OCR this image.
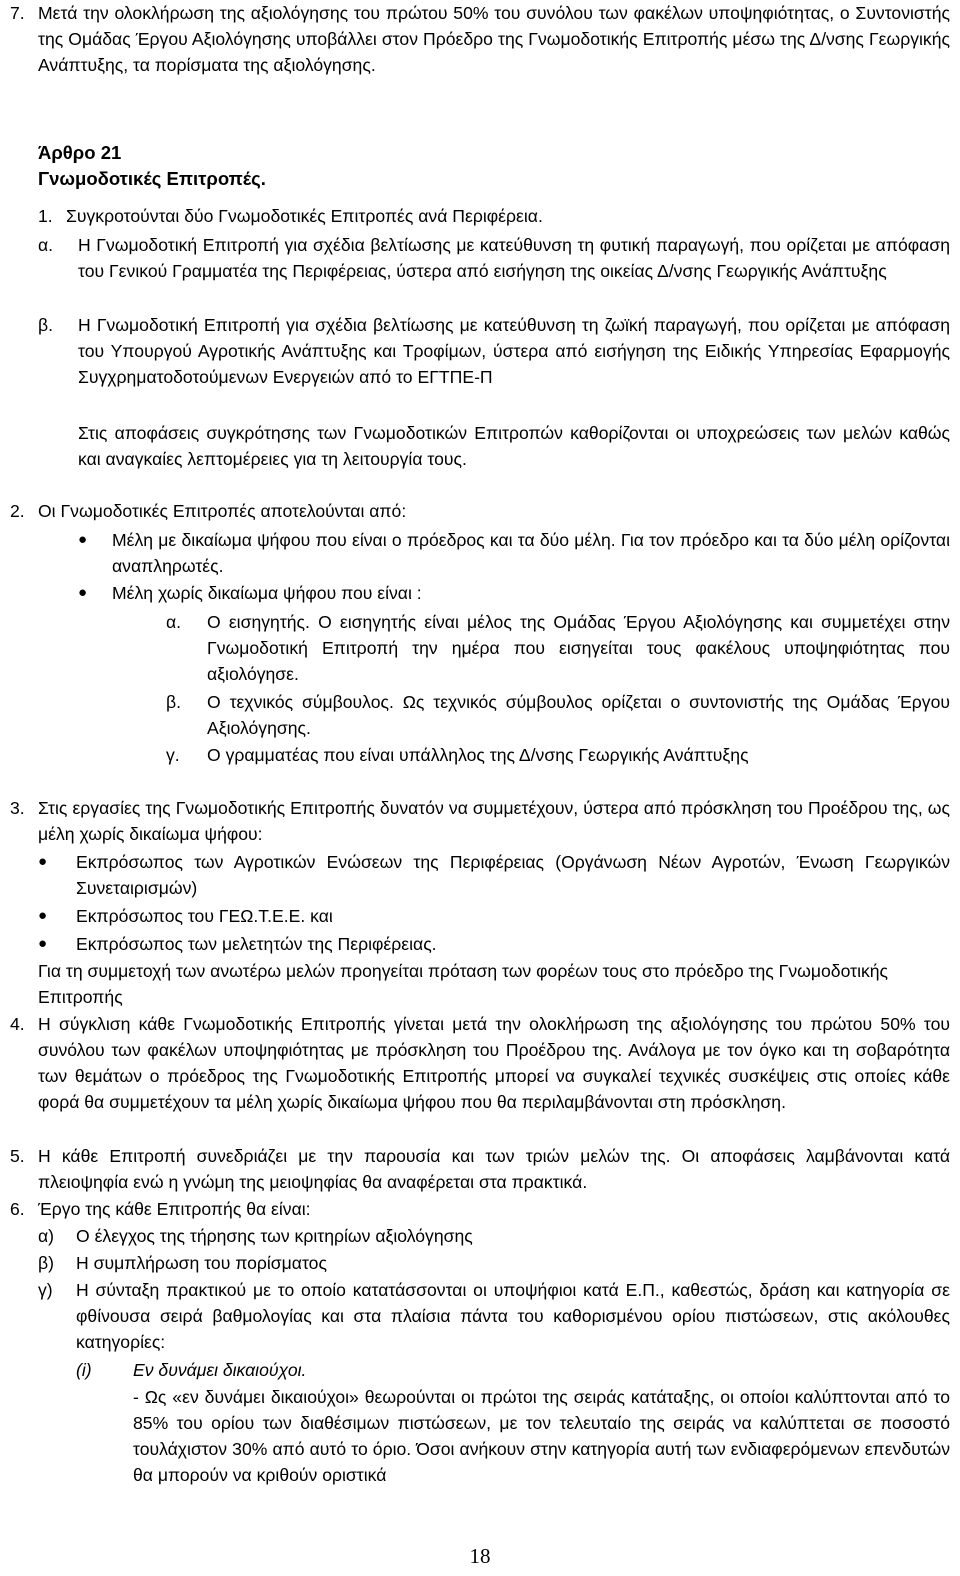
7. Μετά την ολοκλήρωση της αξιολόγησης του πρώτου 50% του συνόλου των φακέλων υποψηφιότητας, ο Συντονιστής της Ομάδας Έργου Αξιολόγησης υποβάλλει στον Πρόεδρο της Γνωμοδοτικής Επιτροπής μέσω της Δ/νσης Γεωργικής Ανάπτυξης, τα πορίσματα της αξιολόγησης.
Άρθρο 21
Γνωμοδοτικές Επιτροπές.
1. Συγκροτούνται δύο Γνωμοδοτικές Επιτροπές ανά Περιφέρεια.
α. Η Γνωμοδοτική Επιτροπή για σχέδια βελτίωσης με κατεύθυνση τη φυτική παραγωγή, που ορίζεται με απόφαση του Γενικού Γραμματέα της Περιφέρειας, ύστερα από εισήγηση της οικείας Δ/νσης Γεωργικής Ανάπτυξης
β. Η Γνωμοδοτική Επιτροπή για σχέδια βελτίωσης με κατεύθυνση τη ζωϊκή παραγωγή, που ορίζεται με απόφαση του Υπουργού Αγροτικής Ανάπτυξης και Τροφίμων, ύστερα από εισήγηση της Ειδικής Υπηρεσίας Εφαρμογής Συγχρηματοδοτούμενων Ενεργειών από το ΕΓΤΠΕ-Π
Στις αποφάσεις συγκρότησης των Γνωμοδοτικών Επιτροπών καθορίζονται οι υποχρεώσεις των μελών καθώς και αναγκαίες λεπτομέρειες για τη λειτουργία τους.
2. Οι Γνωμοδοτικές Επιτροπές αποτελούνται από:
● Μέλη με δικαίωμα ψήφου που είναι ο πρόεδρος και τα δύο μέλη. Για τον πρόεδρο και τα δύο μέλη ορίζονται αναπληρωτές.
● Μέλη χωρίς δικαίωμα ψήφου που είναι :
α. Ο εισηγητής. Ο εισηγητής είναι μέλος της Ομάδας Έργου Αξιολόγησης και συμμετέχει στην Γνωμοδοτική Επιτροπή την ημέρα που εισηγείται τους φακέλους υποψηφιότητας που αξιολόγησε.
β. Ο τεχνικός σύμβουλος. Ως τεχνικός σύμβουλος ορίζεται ο συντονιστής της Ομάδας Έργου Αξιολόγησης.
γ. Ο γραμματέας που είναι υπάλληλος της Δ/νσης Γεωργικής Ανάπτυξης
3. Στις εργασίες της Γνωμοδοτικής Επιτροπής δυνατόν να συμμετέχουν, ύστερα από πρόσκληση του Προέδρου της, ως μέλη χωρίς δικαίωμα ψήφου:
● Εκπρόσωπος των Αγροτικών Ενώσεων της Περιφέρειας (Οργάνωση Νέων Αγροτών, Ένωση Γεωργικών Συνεταιρισμών)
● Εκπρόσωπος του ΓΕΩ.Τ.Ε.Ε. και
● Εκπρόσωπος των μελετητών της Περιφέρειας.
Για τη συμμετοχή των ανωτέρω μελών προηγείται πρόταση των φορέων τους στο πρόεδρο της Γνωμοδοτικής Επιτροπής
4. Η σύγκλιση κάθε Γνωμοδοτικής Επιτροπής γίνεται μετά την ολοκλήρωση της αξιολόγησης του πρώτου 50% του συνόλου των φακέλων υποψηφιότητας με πρόσκληση του Προέδρου της. Ανάλογα με τον όγκο και τη σοβαρότητα των θεμάτων ο πρόεδρος της Γνωμοδοτικής Επιτροπής μπορεί να συγκαλεί τεχνικές συσκέψεις στις οποίες κάθε φορά θα συμμετέχουν τα μέλη χωρίς δικαίωμα ψήφου που θα περιλαμβάνονται στη πρόσκληση.
5. Η κάθε Επιτροπή συνεδριάζει με την παρουσία και των τριών μελών της. Οι αποφάσεις λαμβάνονται κατά πλειοψηφία ενώ η γνώμη της μειοψηφίας θα αναφέρεται στα πρακτικά.
6. Έργο της κάθε Επιτροπής θα είναι:
α) Ο έλεγχος της τήρησης των κριτηρίων αξιολόγησης
β) Η συμπλήρωση του πορίσματος
γ) Η σύνταξη πρακτικού με το οποίο κατατάσσονται οι υποψήφιοι κατά Ε.Π., καθεστώς, δράση και κατηγορία σε φθίνουσα σειρά βαθμολογίας και στα πλαίσια πάντα του καθορισμένου ορίου πιστώσεων, στις ακόλουθες κατηγορίες:
(i) Εν δυνάμει δικαιούχοι.
- Ως «εν δυνάμει δικαιούχοι» θεωρούνται οι πρώτοι της σειράς κατάταξης, οι οποίοι καλύπτονται από το 85% του ορίου των διαθέσιμων πιστώσεων, με τον τελευταίο της σειράς να καλύπτεται σε ποσοστό τουλάχιστον 30% από αυτό το όριο. Όσοι ανήκουν στην κατηγορία αυτή των ενδιαφερόμενων επενδυτών θα μπορούν να κριθούν οριστικά
18
